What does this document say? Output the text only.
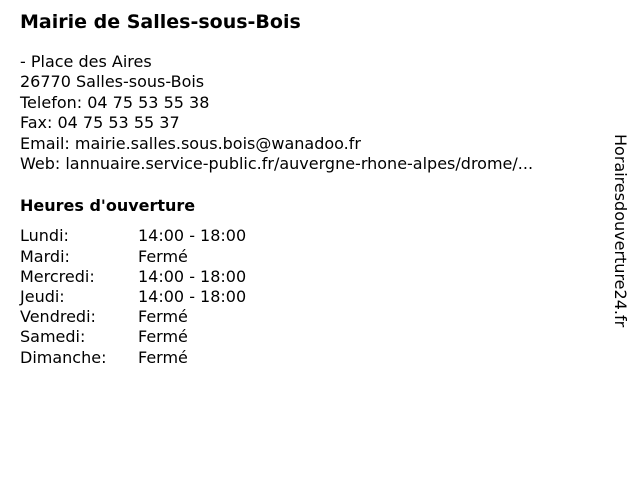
Mairie de Salles-sous-Bois
- Place des Aires
26770 Salles-sous-Bois
Telefon: 04 75 53 55 38
Fax: 04 75 53 55 37
Email: mairie.salles.sous.bois@wanadoo.fr
Web: lannuaire.service-public.fr/auvergne-rhone-alpes/drome/...
Heures d'ouverture
Lundi:	14:00 - 18:00
Mardi:	Fermé
Mercredi:	14:00 - 18:00
Jeudi:	14:00 - 18:00
Vendredi:	Fermé
Samedi:	Fermé
Dimanche:	Fermé
Horairesdouverture24.fr
